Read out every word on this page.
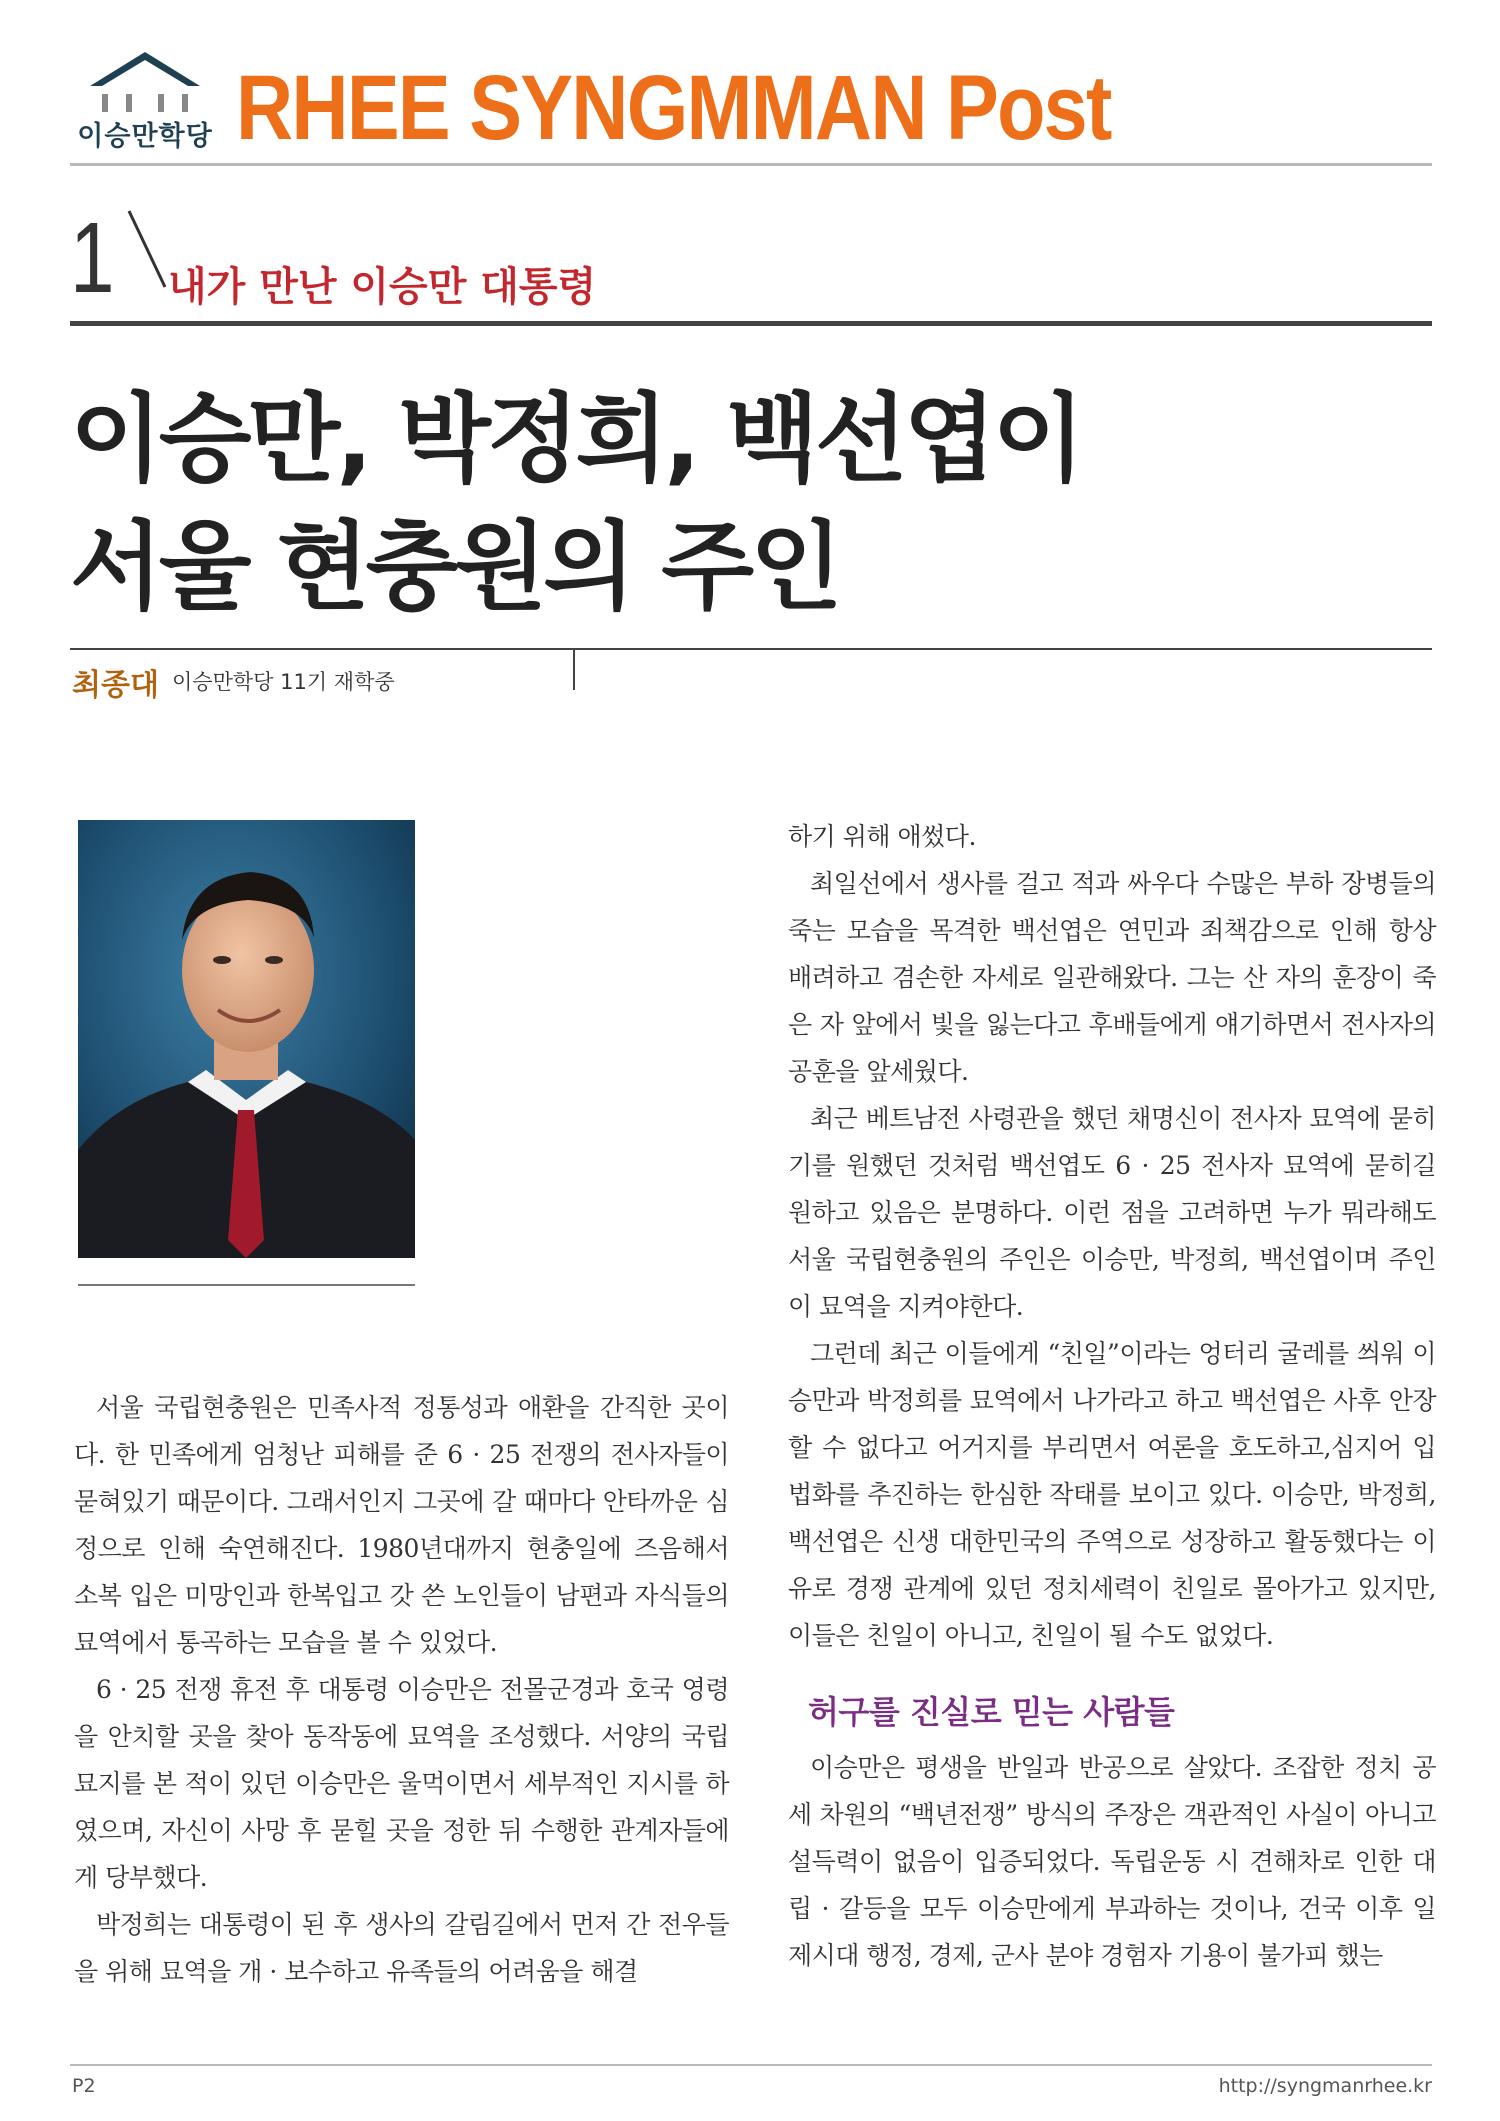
이승만학당 RHEE SYNGMMAN Post
1 내가 만난 이승만 대통령
이승만, 박정희, 백선엽이
서울 현충원의 주인
최종대 이승만학당 11기 재학중

서울 국립현충원은 민족사적 정통성과 애환을 간직한 곳이다. 한 민족에게 엄청난 피해를 준 6 · 25 전쟁의 전사자들이 묻혀있기 때문이다. 그래서인지 그곳에 갈 때마다 안타까운 심정으로 인해 숙연해진다. 1980년대까지 현충일에 즈음해서 소복 입은 미망인과 한복입고 갓 쓴 노인들이 남편과 자식들의 묘역에서 통곡하는 모습을 볼 수 있었다.

6 · 25 전쟁 휴전 후 대통령 이승만은 전몰군경과 호국 영령을 안치할 곳을 찾아 동작동에 묘역을 조성했다. 서양의 국립묘지를 본 적이 있던 이승만은 울먹이면서 세부적인 지시를 하였으며, 자신이 사망 후 묻힐 곳을 정한 뒤 수행한 관계자들에게 당부했다.

박정희는 대통령이 된 후 생사의 갈림길에서 먼저 간 전우들을 위해 묘역을 개 · 보수하고 유족들의 어려움을 해결

하기 위해 애썼다.

최일선에서 생사를 걸고 적과 싸우다 수많은 부하 장병들의 죽는 모습을 목격한 백선엽은 연민과 죄책감으로 인해 항상 배려하고 겸손한 자세로 일관해왔다. 그는 산 자의 훈장이 죽은 자 앞에서 빛을 잃는다고 후배들에게 얘기하면서 전사자의 공훈을 앞세웠다.

최근 베트남전 사령관을 했던 채명신이 전사자 묘역에 묻히기를 원했던 것처럼 백선엽도 6 · 25 전사자 묘역에 묻히길 원하고 있음은 분명하다. 이런 점을 고려하면 누가 뭐라해도 서울 국립현충원의 주인은 이승만, 박정희, 백선엽이며 주인이 묘역을 지켜야한다.

그런데 최근 이들에게 “친일”이라는 엉터리 굴레를 씌워 이승만과 박정희를 묘역에서 나가라고 하고 백선엽은 사후 안장할 수 없다고 어거지를 부리면서 여론을 호도하고,심지어 입법화를 추진하는 한심한 작태를 보이고 있다. 이승만, 박정희, 백선엽은 신생 대한민국의 주역으로 성장하고 활동했다는 이유로 경쟁 관계에 있던 정치세력이 친일로 몰아가고 있지만, 이들은 친일이 아니고, 친일이 될 수도 없었다.

허구를 진실로 믿는 사람들

이승만은 평생을 반일과 반공으로 살았다. 조잡한 정치 공세 차원의 “백년전쟁” 방식의 주장은 객관적인 사실이 아니고 설득력이 없음이 입증되었다. 독립운동 시 견해차로 인한 대립 · 갈등을 모두 이승만에게 부과하는 것이나, 건국 이후 일제시대 행정, 경제, 군사 분야 경험자 기용이 불가피 했는

P2	http://syngmanrhee.kr
